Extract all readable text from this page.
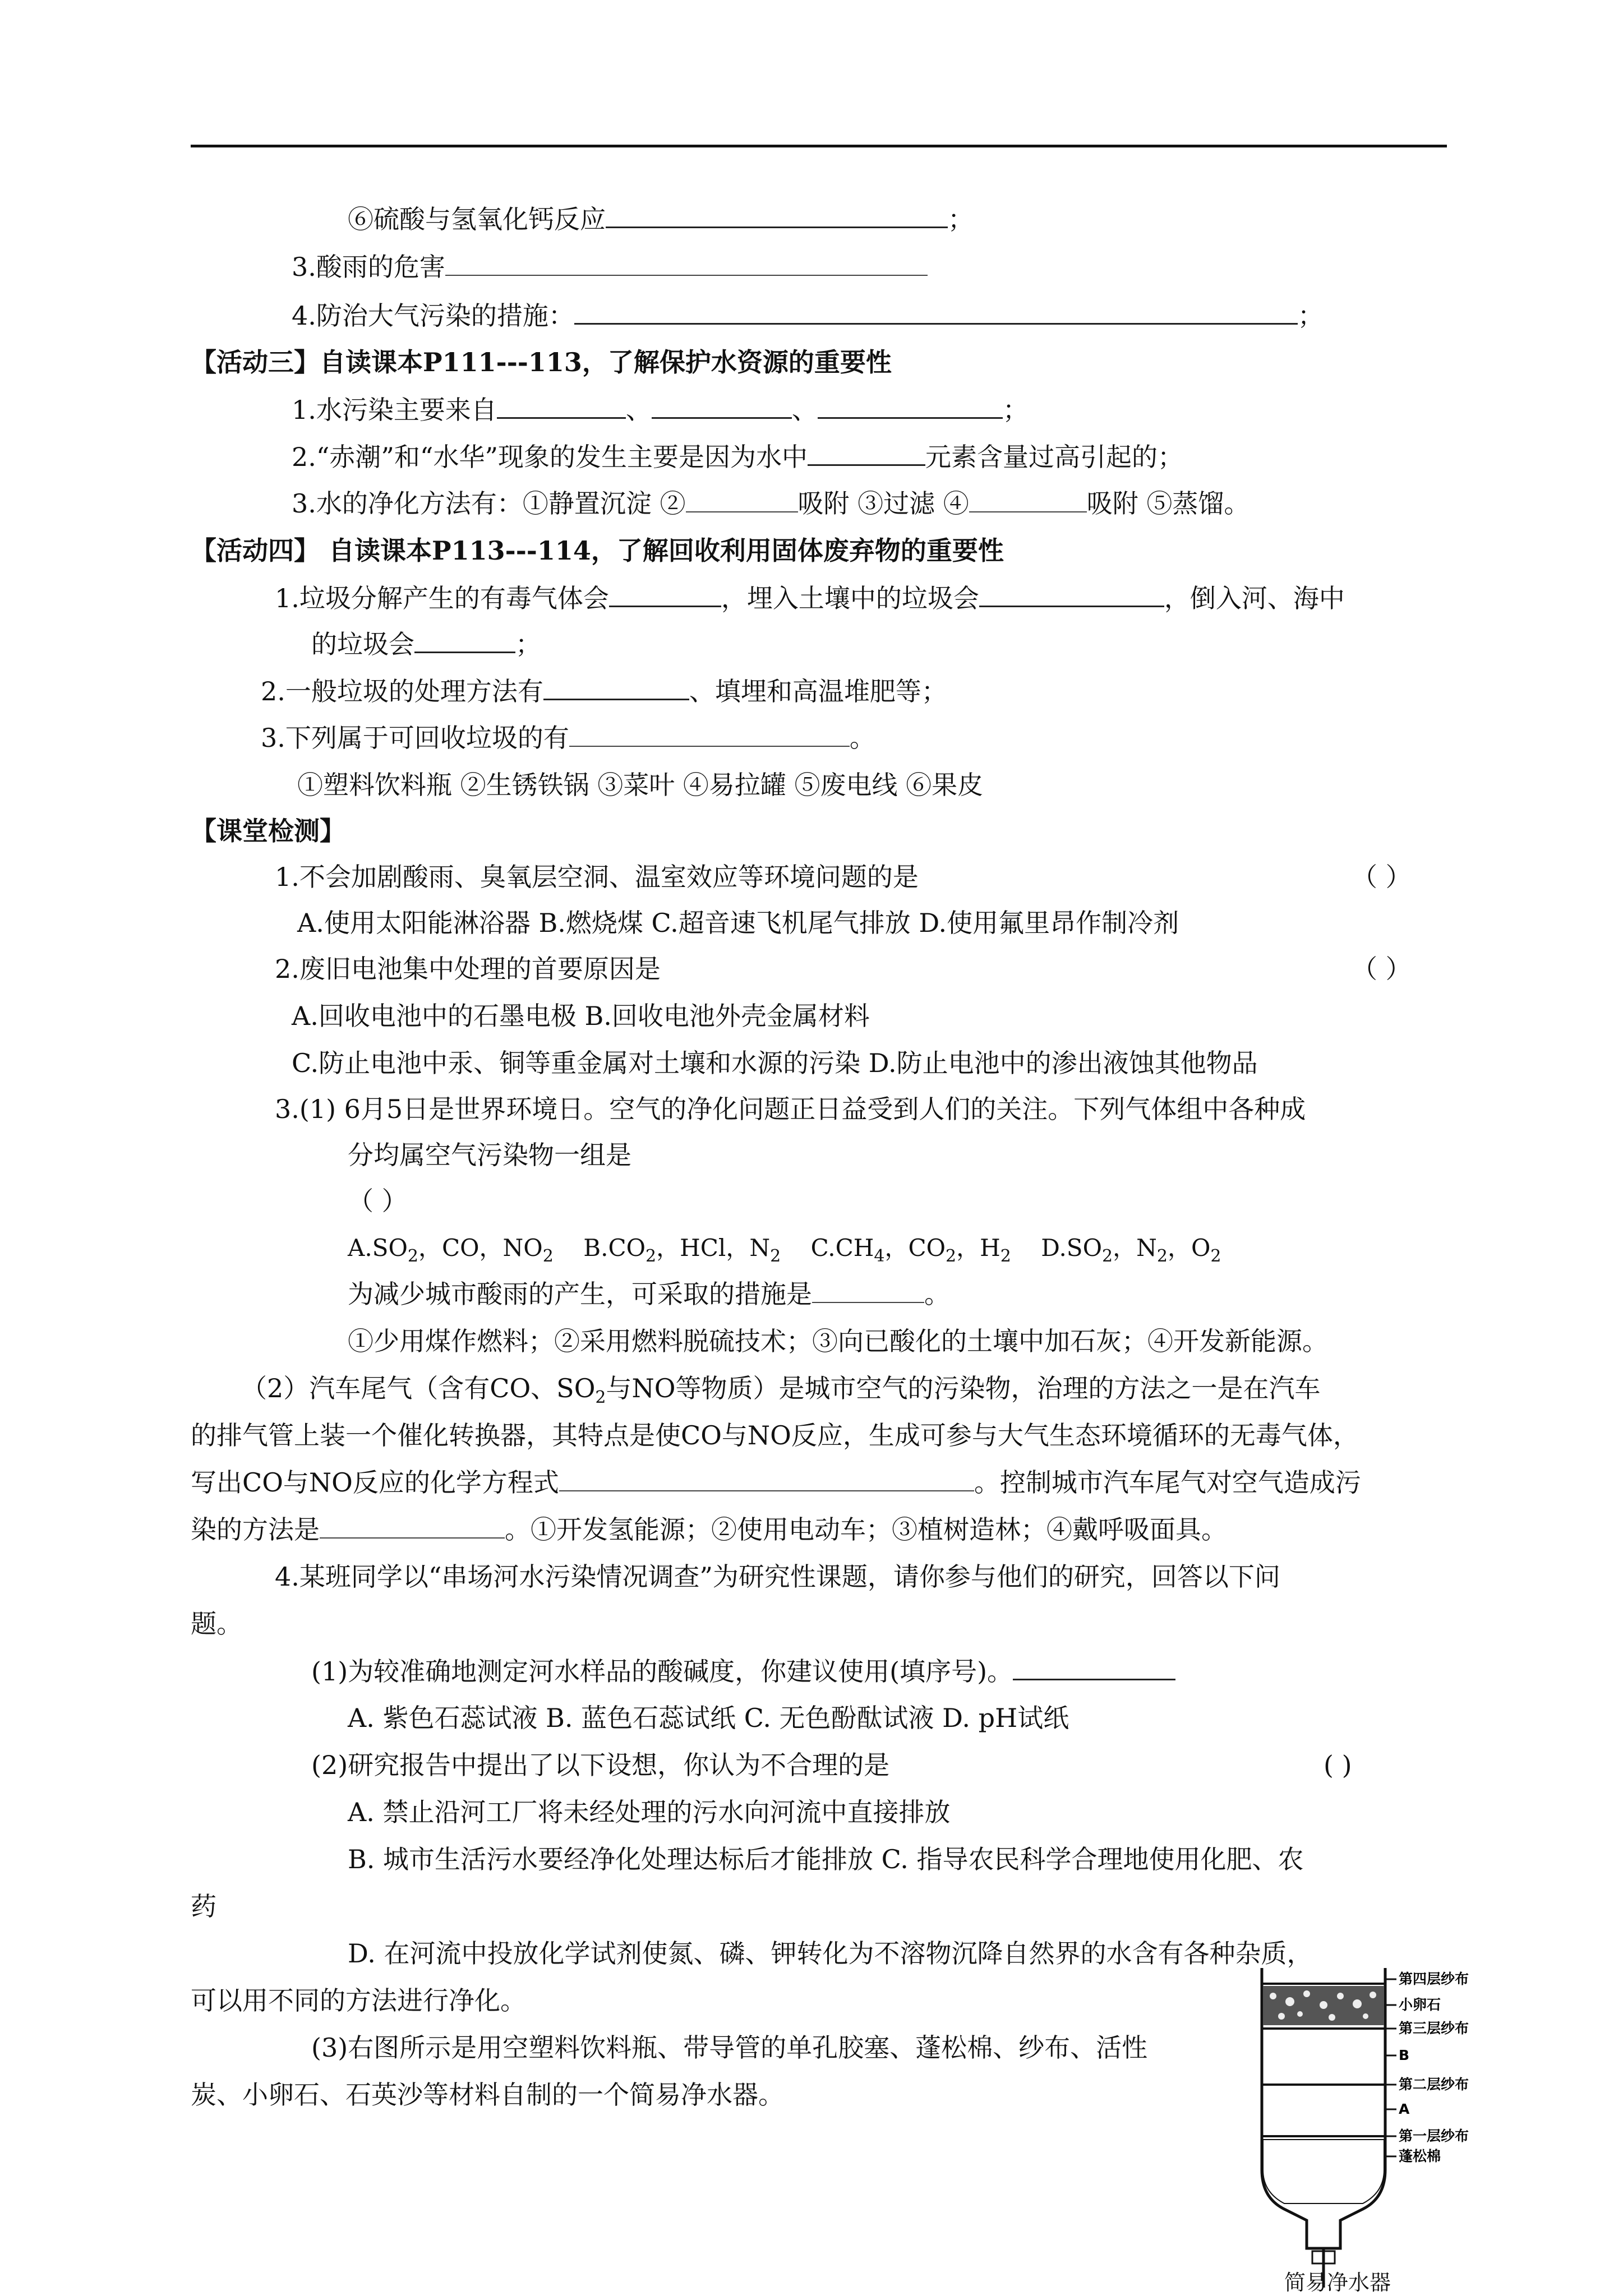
⑥硫酸与氢氧化钙反应	；
3.酸雨的危害
4.防治大气污染的措施：	；
【活动三】自读课本P111---113，了解保护水资源的重要性
1.水污染主要来自	、	、	；
2.“赤潮”和“水华”现象的发生主要是因为水中	元素含量过高引起的；
3.水的净化方法有：①静置沉淀 ②	吸附 ③过滤 ④	吸附 ⑤蒸馏。
【活动四】 自读课本P113---114，了解回收利用固体废弃物的重要性
1.垃圾分解产生的有毒气体会	，埋入土壤中的垃圾会	，倒入河、海中
的垃圾会	；
2.一般垃圾的处理方法有	、填埋和高温堆肥等；
3.下列属于可回收垃圾的有	。
①塑料饮料瓶 ②生锈铁锅 ③菜叶 ④易拉罐 ⑤废电线 ⑥果皮
【课堂检测】
1.不会加剧酸雨、臭氧层空洞、温室效应等环境问题的是	（ ）
A.使用太阳能淋浴器 B.燃烧煤 C.超音速飞机尾气排放 D.使用氟里昂作制冷剂
2.废旧电池集中处理的首要原因是	（ ）
A.回收电池中的石墨电极 B.回收电池外壳金属材料
C.防止电池中汞、铜等重金属对土壤和水源的污染 D.防止电池中的渗出液蚀其他物品
3.(1) 6月5日是世界环境日。空气的净化问题正日益受到人们的关注。下列气体组中各种成
分均属空气污染物一组是
（ ）
$A.SO_2$，CO，$NO_2$ $B.CO_2$，HCl，$N_2$ $C.CH_4$，$CO_2$，$H_2$ $D.SO_2$，$N_2$，$O_2$
为减少城市酸雨的产生，可采取的措施是	。
①少用煤作燃料；②采用燃料脱硫技术；③向已酸化的土壤中加石灰；④开发新能源。
（2）汽车尾气（含有CO、$SO_2$与NO等物质）是城市空气的污染物，治理的方法之一是在汽车
的排气管上装一个催化转换器，其特点是使CO与NO反应，生成可参与大气生态环境循环的无毒气体，
写出CO与NO反应的化学方程式	。控制城市汽车尾气对空气造成污
染的方法是	。①开发氢能源；②使用电动车；③植树造林；④戴呼吸面具。
4.某班同学以“串场河水污染情况调查”为研究性课题，请你参与他们的研究，回答以下问
题。
(1)为较准确地测定河水样品的酸碱度，你建议使用(填序号)。
A. 紫色石蕊试液 B. 蓝色石蕊试纸 C. 无色酚酞试液 D. pH试纸
(2)研究报告中提出了以下设想，你认为不合理的是	( )
A. 禁止沿河工厂将未经处理的污水向河流中直接排放
B. 城市生活污水要经净化处理达标后才能排放 C. 指导农民科学合理地使用化肥、农
药
D. 在河流中投放化学试剂使氮、磷、钾转化为不溶物沉降自然界的水含有各种杂质，
可以用不同的方法进行净化。
(3)右图所示是用空塑料饮料瓶、带导管的单孔胶塞、蓬松棉、纱布、活性
炭、小卵石、石英沙等材料自制的一个简易净水器。
第四层纱布
小卵石
第三层纱布
B
第二层纱布
A
第一层纱布
蓬松棉
简易净水器
